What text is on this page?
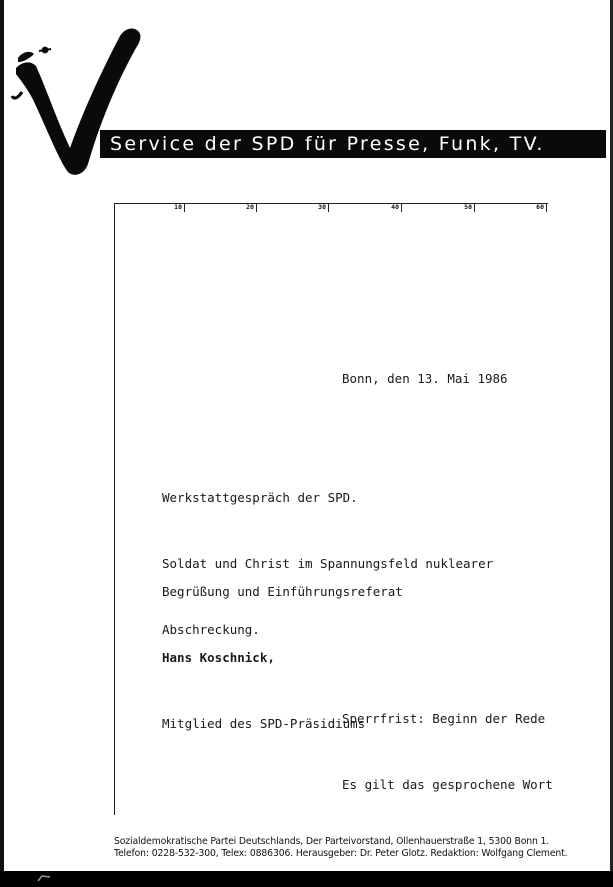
Service der SPD für Presse, Funk, TV.
10	20	30	40	50	60
Bonn, den 13. Mai 1986

Werkstattgespräch der SPD.

Soldat und Christ im Spannungsfeld nuklearer

Abschreckung.

Begrüßung und Einführungsreferat

Hans Koschnick,

Mitglied des SPD-Präsidiums

Sperrfrist: Beginn der Rede

Es gilt das gesprochene Wort

Sozialdemokratische Partei Deutschlands, Der Parteivorstand, Ollenhauerstraße 1, 5300 Bonn 1.
Telefon: 0228-532-300, Telex: 0886306. Herausgeber: Dr. Peter Glotz. Redaktion: Wolfgang Clement.
